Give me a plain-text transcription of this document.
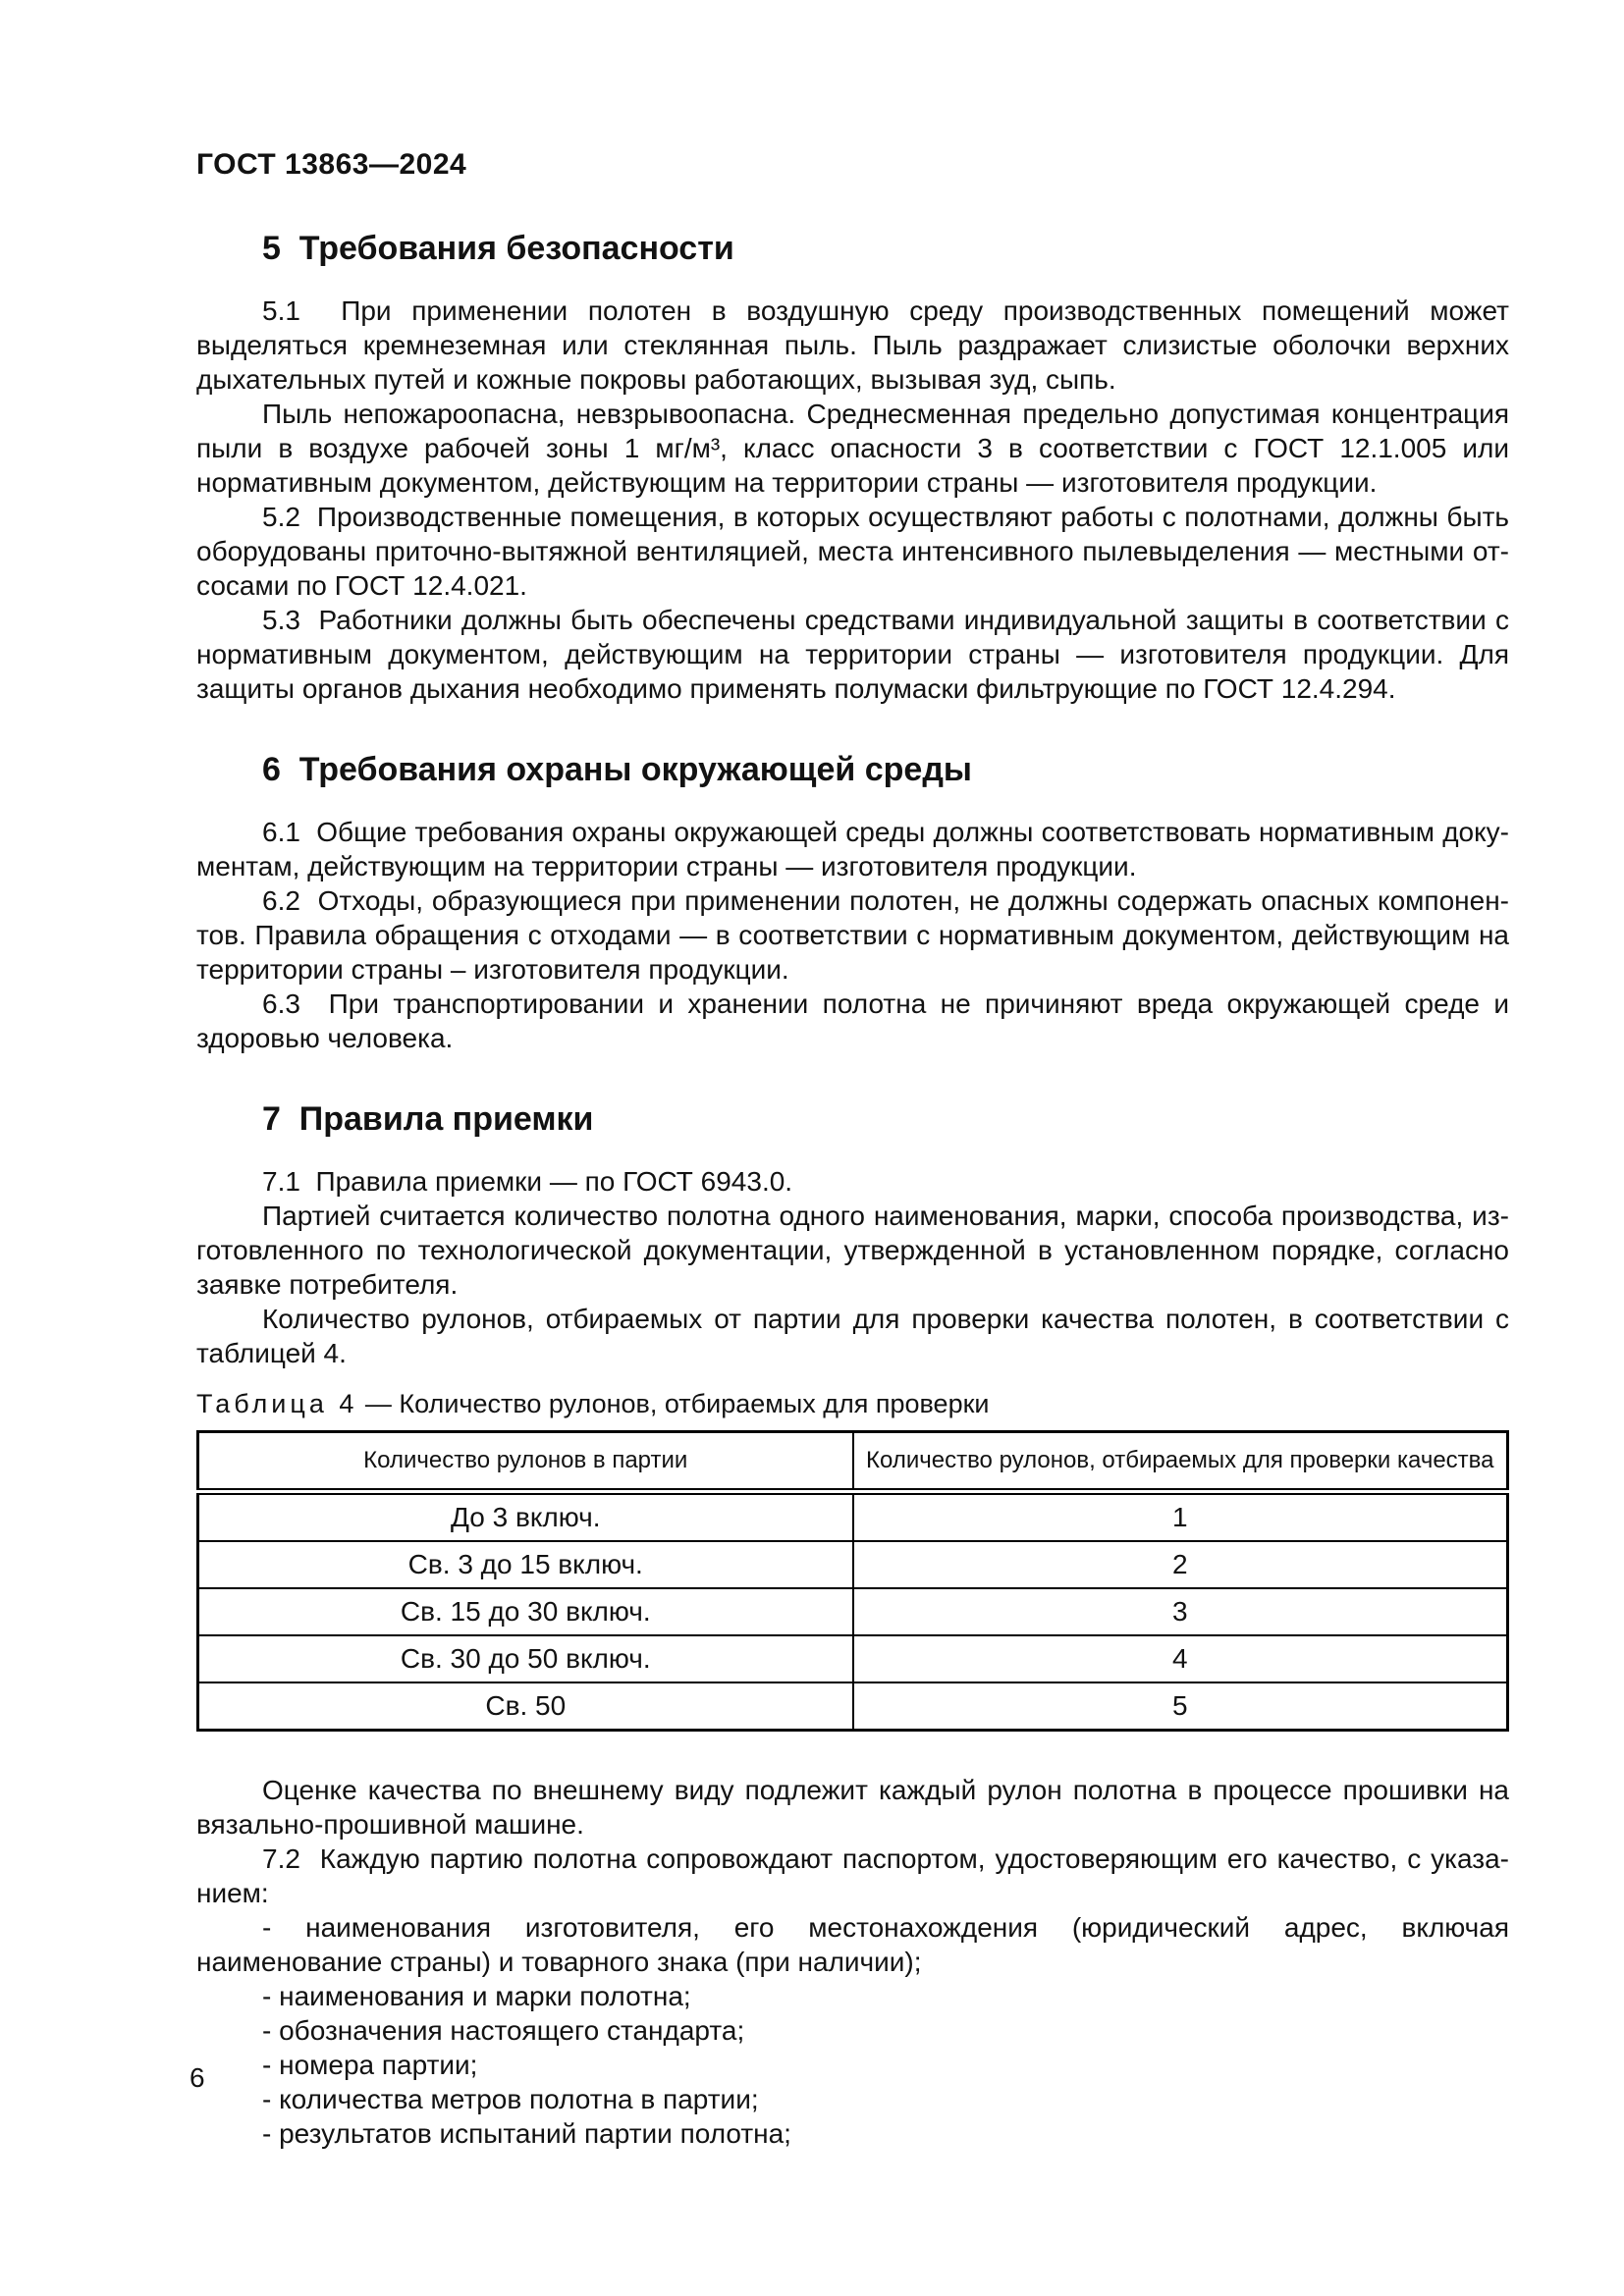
ГОСТ 13863—2024
5  Требования безопасности

5.1  При применении полотен в воздушную среду производственных помещений может выделяться кремнеземная или стеклянная пыль. Пыль раздражает слизистые оболочки верхних дыхательных путей и кожные покровы работающих, вызывая зуд, сыпь.

Пыль непожароопасна, невзрывоопасна. Среднесменная предельно допустимая концентрация пыли в воздухе рабочей зоны 1 мг/м³, класс опасности 3 в соответствии с ГОСТ 12.1.005 или нормативным документом, действующим на территории страны — изготовителя продукции.

5.2  Производственные помещения, в которых осуществляют работы с полотнами, должны быть оборудованы приточно-вытяжной вентиляцией, места интенсивного пылевыделения — местными отсосами по ГОСТ 12.4.021.

5.3  Работники должны быть обеспечены средствами индивидуальной защиты в соответствии с нормативным документом, действующим на территории страны — изготовителя продукции. Для защиты органов дыхания необходимо применять полумаски фильтрующие по ГОСТ 12.4.294.

6  Требования охраны окружающей среды

6.1  Общие требования охраны окружающей среды должны соответствовать нормативным документам, действующим на территории страны — изготовителя продукции.

6.2  Отходы, образующиеся при применении полотен, не должны содержать опасных компонентов. Правила обращения с отходами — в соответствии с нормативным документом, действующим на территории страны – изготовителя продукции.

6.3  При транспортировании и хранении полотна не причиняют вреда окружающей среде и здоровью человека.

7  Правила приемки

7.1  Правила приемки — по ГОСТ 6943.0.

Партией считается количество полотна одного наименования, марки, способа производства, изготовленного по технологической документации, утвержденной в установленном порядке, согласно заявке потребителя.

Количество рулонов, отбираемых от партии для проверки качества полотен, в соответствии с таблицей 4.

Таблица 4 — Количество рулонов, отбираемых для проверки

Количество рулонов в партии	Количество рулонов, отбираемых для проверки качества
До 3 включ.	1
Св. 3 до 15 включ.	2
Св. 15 до 30 включ.	3
Св. 30 до 50 включ.	4
Св. 50	5

Оценке качества по внешнему виду подлежит каждый рулон полотна в процессе прошивки на вязально-прошивной машине.

7.2  Каждую партию полотна сопровождают паспортом, удостоверяющим его качество, с указанием:

- наименования изготовителя, его местонахождения (юридический адрес, включая наименование страны) и товарного знака (при наличии);

- наименования и марки полотна;

- обозначения настоящего стандарта;

- номера партии;

- количества метров полотна в партии;

- результатов испытаний партии полотна;

6
